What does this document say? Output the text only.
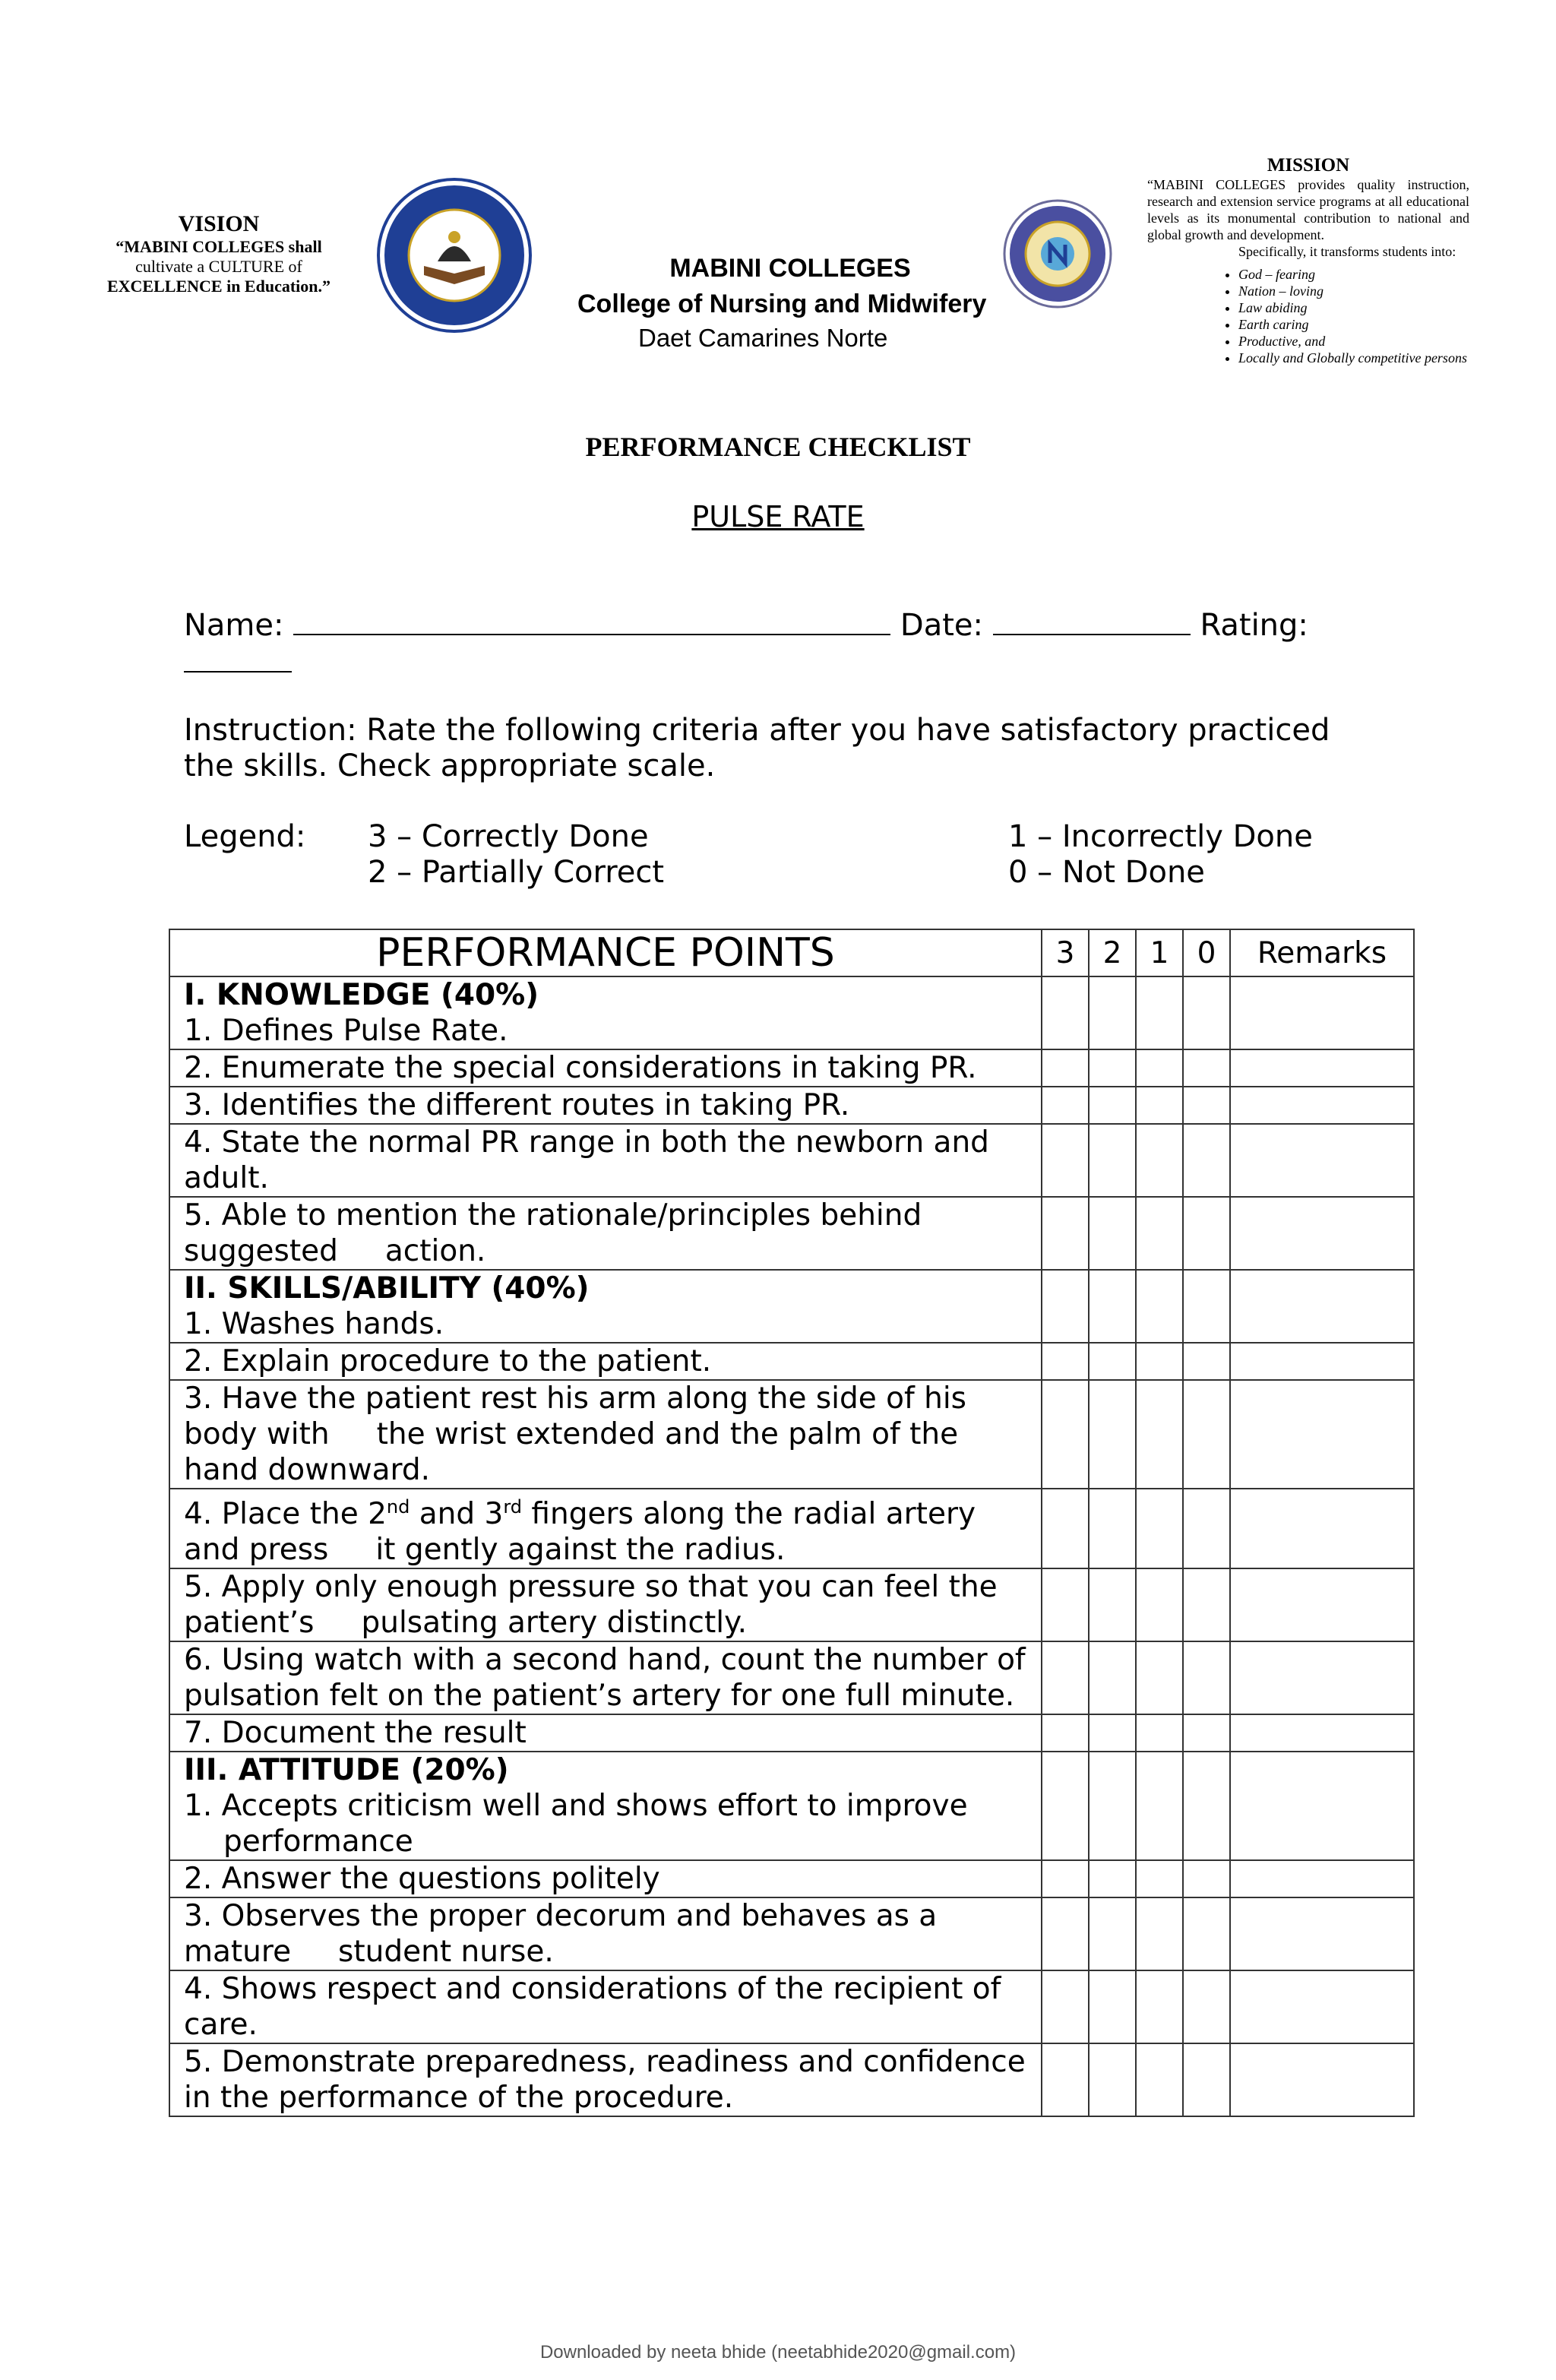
VISION
“MABINI COLLEGES shall
cultivate a CULTURE of
EXCELLENCE in Education.”
MABINI COLLEGES
College of Nursing and Midwifery
Daet Camarines Norte
MISSION
“MABINI COLLEGES provides quality instruction, research and extension service programs at all educational levels as its monumental contribution to national and global growth and development.
Specifically, it transforms students into:
• God – fearing
• Nation – loving
• Law abiding
• Earth caring
• Productive, and
• Locally and Globally competitive persons
PERFORMANCE CHECKLIST
PULSE RATE
Name:	Date:	Rating:

Instruction: Rate the following criteria after you have satisfactory practiced the skills. Check appropriate scale.
Legend: 3 – Correctly Done
2 – Partially Correct
1 – Incorrectly Done
0 – Not Done
PERFORMANCE POINTS	3	2	1	0	Remarks

I. KNOWLEDGE (40%)
1. Defines Pulse Rate.					

2. Enumerate the special considerations in taking PR.					

3. Identifies the different routes in taking PR.					

4. State the normal PR range in both the newborn and adult.					

5. Able to mention the rationale/principles behind suggested     action.					

II. SKILLS/ABILITY (40%)
1. Washes hands.					

2. Explain procedure to the patient.					

3. Have the patient rest his arm along the side of his body with     the wrist extended and the palm of the hand downward.					

4. Place the 2nd and 3rd fingers along the radial artery and press     it gently against the radius.					

5. Apply only enough pressure so that you can feel the patient’s     pulsating artery distinctly.					

6. Using watch with a second hand, count the number of     pulsation felt on the patient’s artery for one full minute.					

7. Document the result					

III. ATTITUDE (20%)
1. Accepts criticism well and shows effort to improve
performance					

2. Answer the questions politely					

3. Observes the proper decorum and behaves as a mature     student nurse.					

4. Shows respect and considerations of the recipient of care.					

5. Demonstrate preparedness, readiness and confidence in the performance of the procedure.					

Downloaded by neeta bhide (neetabhide2020@gmail.com)
